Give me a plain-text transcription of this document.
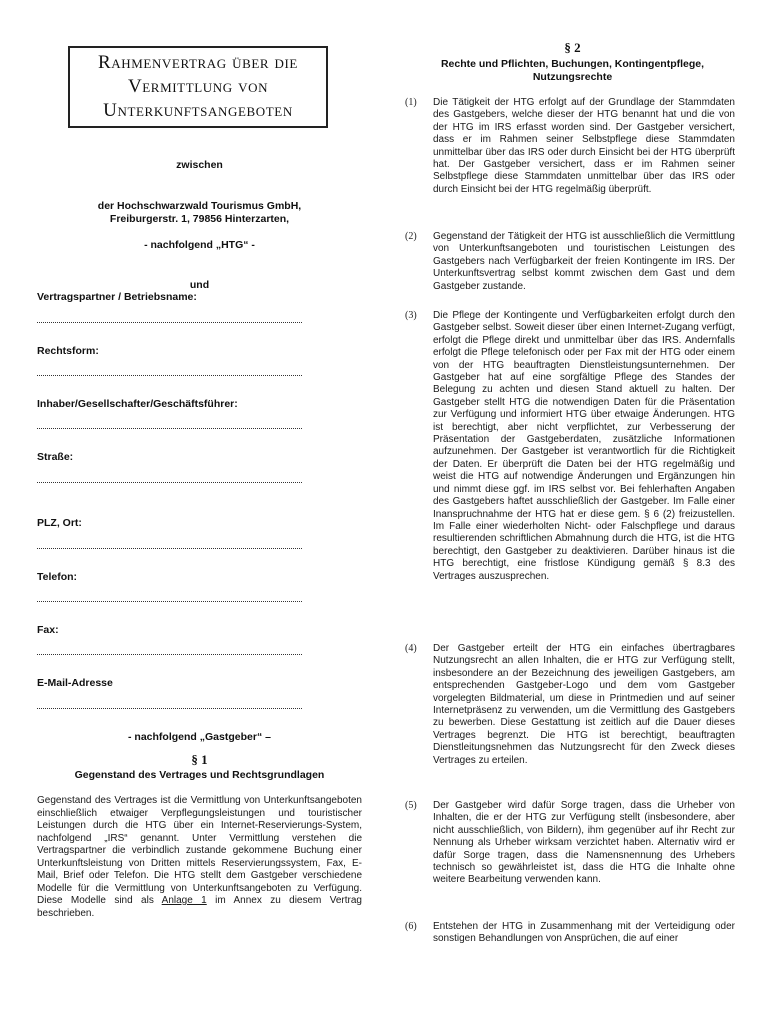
Rahmenvertrag über die
Vermittlung von
Unterkunftsangeboten
zwischen
der Hochschwarzwald Tourismus GmbH,
Freiburgerstr. 1, 79856 Hinterzarten,
- nachfolgend „HTG“ -
und
Vertragspartner / Betriebsname:
Rechtsform:
Inhaber/Gesellschafter/Geschäftsführer:
Straße:
PLZ, Ort:
Telefon:
Fax:
E-Mail-Adresse
- nachfolgend „Gastgeber“ –
§ 1
Gegenstand des Vertrages und Rechtsgrundlagen
Gegenstand des Vertrages ist die Vermittlung von Unterkunftsangeboten einschließlich etwaiger Verpflegungsleistungen und touristischer Leistungen durch die HTG über ein Internet-Reservierungs-System, nachfolgend „IRS“ genannt. Unter Vermittlung verstehen die Vertragspartner die verbindlich zustande gekommene Buchung einer Unterkunftsleistung von Dritten mittels Reservierungssystem, Fax, E-Mail, Brief oder Telefon. Die HTG stellt dem Gastgeber verschiedene Modelle für die Vermittlung von Unterkunftsangeboten zu Verfügung. Diese Modelle sind als Anlage 1 im Annex zu diesem Vertrag beschrieben.
§ 2
Rechte und Pflichten, Buchungen, Kontingentpflege,
Nutzungsrechte
(1) Die Tätigkeit der HTG erfolgt auf der Grundlage der Stammdaten des Gastgebers, welche dieser der HTG benannt hat und die von der HTG im IRS erfasst worden sind. Der Gastgeber versichert, dass er im Rahmen seiner Selbstpflege diese Stammdaten unmittelbar über das IRS oder durch Einsicht bei der HTG überprüft hat. Der Gastgeber versichert, dass er im Rahmen seiner Selbstpflege diese Stammdaten unmittelbar über das IRS oder durch Einsicht bei der HTG regelmäßig überprüft.
(2) Gegenstand der Tätigkeit der HTG ist ausschließlich die Vermittlung von Unterkunftsangeboten und touristischen Leistungen des Gastgebers nach Verfügbarkeit der freien Kontingente im IRS. Der Unterkunftsvertrag selbst kommt zwischen dem Gast und dem Gastgeber zustande.
(3) Die Pflege der Kontingente und Verfügbarkeiten erfolgt durch den Gastgeber selbst. Soweit dieser über einen Internet-Zugang verfügt, erfolgt die Pflege direkt und unmittelbar über das IRS. Andernfalls erfolgt die Pflege telefonisch oder per Fax mit der HTG oder einem von der HTG beauftragten Dienstleistungsunternehmen. Der Gastgeber hat auf eine sorgfältige Pflege des Standes der Belegung zu achten und diesen Stand aktuell zu halten. Der Gastgeber stellt HTG die notwendigen Daten für die Präsentation zur Verfügung und informiert HTG über etwaige Änderungen. HTG ist berechtigt, aber nicht verpflichtet, zur Verbesserung der Präsentation der Gastgeberdaten, zusätzliche Informationen aufzunehmen. Der Gastgeber ist verantwortlich für die Richtigkeit der Daten. Er überprüft die Daten bei der HTG regelmäßig und weist die HTG auf notwendige Änderungen und Ergänzungen hin und nimmt diese ggf. im IRS selbst vor. Bei fehlerhaften Angaben des Gastgebers haftet ausschließlich der Gastgeber. Im Falle einer Inanspruchnahme der HTG hat er diese gem. § 6 (2) freizustellen. Im Falle einer wiederholten Nicht- oder Falschpflege und daraus resultierenden schriftlichen Abmahnung durch die HTG, ist die HTG berechtigt, den Gastgeber zu deaktivieren. Darüber hinaus ist die HTG berechtigt, eine fristlose Kündigung gemäß § 8.3 des Vertrages auszusprechen.
(4) Der Gastgeber erteilt der HTG ein einfaches übertragbares Nutzungsrecht an allen Inhalten, die er HTG zur Verfügung stellt, insbesondere an der Bezeichnung des jeweiligen Gastgebers, am entsprechenden Gastgeber-Logo und dem vom Gastgeber vorgelegten Bildmaterial, um diese in Printmedien und auf seiner Internetpräsenz zu verwenden, um die Vermittlung des Gastgebers zu bewerben. Diese Gestattung ist zeitlich auf die Dauer dieses Vertrages begrenzt. Die HTG ist berechtigt, beauftragten Dienstleitungsnehmen das Nutzungsrecht für den Zweck dieses Vertrages zu erteilen.
(5) Der Gastgeber wird dafür Sorge tragen, dass die Urheber von Inhalten, die er der HTG zur Verfügung stellt (insbesondere, aber nicht ausschließlich, von Bildern), ihm gegenüber auf ihr Recht zur Nennung als Urheber wirksam verzichtet haben. Alternativ wird er dafür Sorge tragen, dass die Namensnennung des Urhebers technisch so gewährleistet ist, dass die HTG die Inhalte ohne weitere Bearbeitung verwenden kann.
(6) Entstehen der HTG in Zusammenhang mit der Verteidigung oder sonstigen Behandlungen von Ansprüchen, die auf einer
